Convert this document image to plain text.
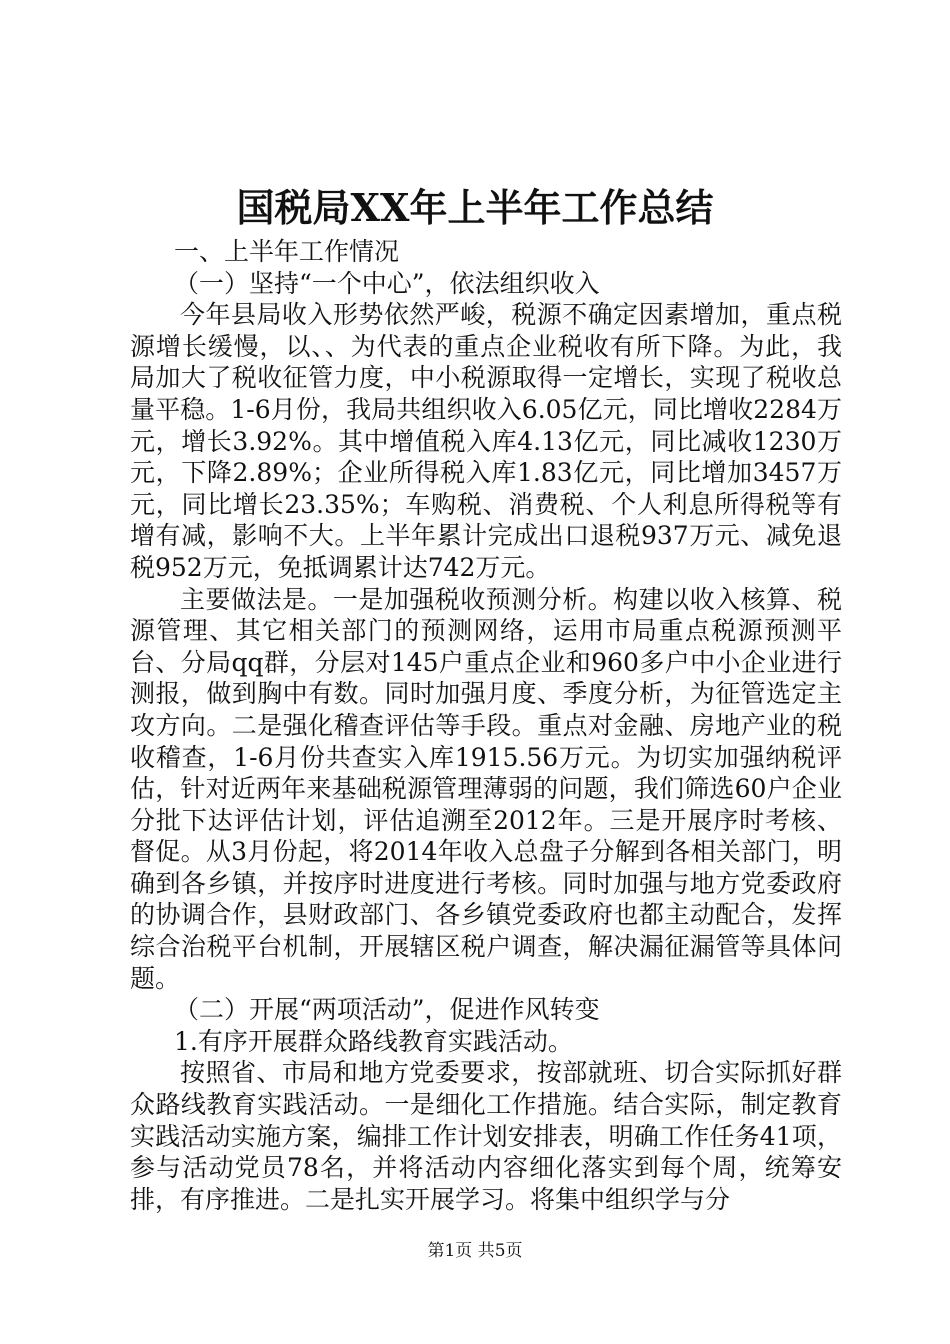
国税局XX年上半年工作总结

一、上半年工作情况

（一）坚持“一个中心”，依法组织收入

今年县局收入形势依然严峻，税源不确定因素增加，重点税源增长缓慢，以、、为代表的重点企业税收有所下降。为此，我局加大了税收征管力度，中小税源取得一定增长，实现了税收总量平稳。1-6月份，我局共组织收入6.05亿元，同比增收2284万元，增长3.92%。其中增值税入库4.13亿元，同比减收1230万元，下降2.89%；企业所得税入库1.83亿元，同比增加3457万元，同比增长23.35%；车购税、消费税、个人利息所得税等有增有减，影响不大。上半年累计完成出口退税937万元、减免退税952万元，免抵调累计达742万元。

主要做法是。一是加强税收预测分析。构建以收入核算、税源管理、其它相关部门的预测网络，运用市局重点税源预测平台、分局qq群，分层对145户重点企业和960多户中小企业进行测报，做到胸中有数。同时加强月度、季度分析，为征管选定主攻方向。二是强化稽查评估等手段。重点对金融、房地产业的税收稽查，1-6月份共查实入库1915.56万元。为切实加强纳税评估，针对近两年来基础税源管理薄弱的问题，我们筛选60户企业分批下达评估计划，评估追溯至2012年。三是开展序时考核、督促。从3月份起，将2014年收入总盘子分解到各相关部门，明确到各乡镇，并按序时进度进行考核。同时加强与地方党委政府的协调合作，县财政部门、各乡镇党委政府也都主动配合，发挥综合治税平台机制，开展辖区税户调查，解决漏征漏管等具体问题。

（二）开展“两项活动”，促进作风转变

1.有序开展群众路线教育实践活动。

按照省、市局和地方党委要求，按部就班、切合实际抓好群众路线教育实践活动。一是细化工作措施。结合实际，制定教育实践活动实施方案，编排工作计划安排表，明确工作任务41项，参与活动党员78名，并将活动内容细化落实到每个周，统筹安排，有序推进。二是扎实开展学习。将集中组织学与分

第1页 共5页
